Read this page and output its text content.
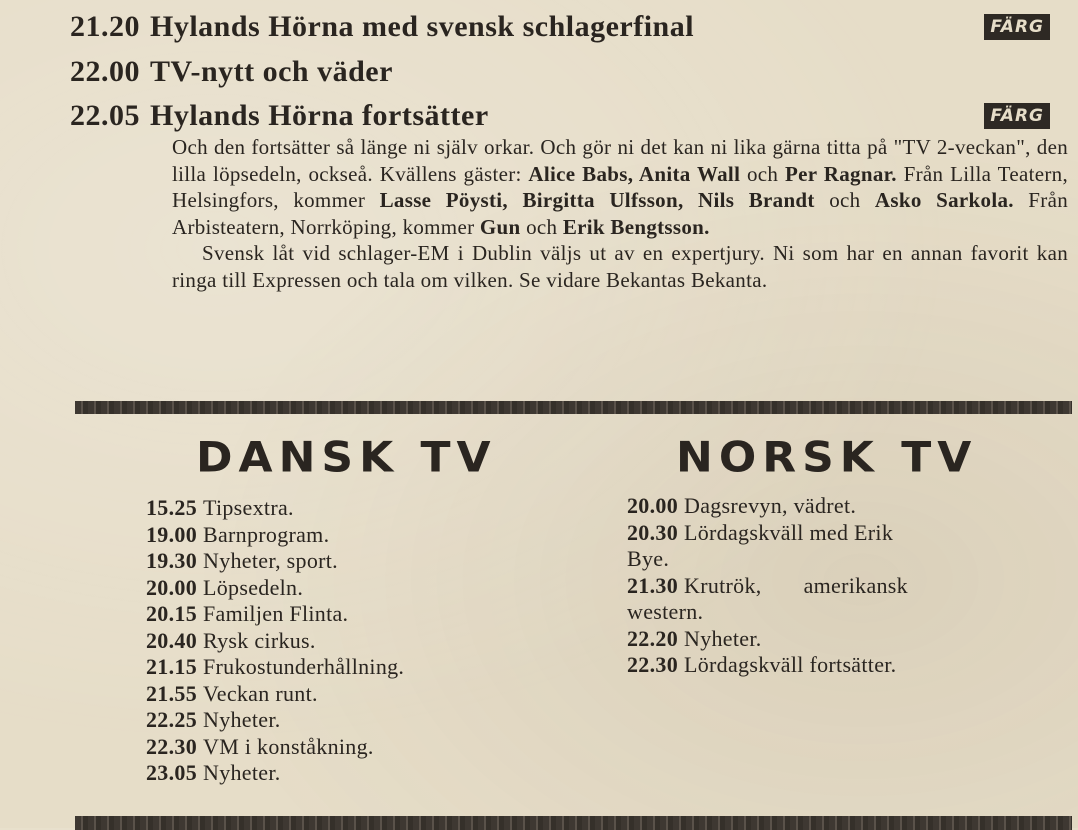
21.20 Hylands Hörna med svensk schlagerfinal	FÄRG
22.00 TV-nytt och väder
22.05 Hylands Hörna fortsätter	FÄRG

Och den fortsätter så länge ni själv orkar. Och gör ni det kan ni lika gärna titta på "TV 2-veckan", den lilla löpsedeln, ockseå. Kvällens gäster: Alice Babs, Anita Wall och Per Ragnar. Från Lilla Teatern, Helsingfors, kommer Lasse Pöysti, Birgitta Ulfsson, Nils Brandt och Asko Sarkola. Från Arbisteatern, Norrköping, kommer Gun och Erik Bengtsson.

Svensk låt vid schlager-EM i Dublin väljs ut av en expertjury. Ni som har en annan favorit kan ringa till Expressen och tala om vilken. Se vidare Bekantas Bekanta.

DANSK TV
15.25 Tipsextra.
19.00 Barnprogram.
19.30 Nyheter, sport.
20.00 Löpsedeln.
20.15 Familjen Flinta.
20.40 Rysk cirkus.
21.15 Frukostunderhållning.
21.55 Veckan runt.
22.25 Nyheter.
22.30 VM i konståkning.
23.05 Nyheter.
NORSK TV
20.00 Dagsrevyn, vädret.
20.30 Lördagskväll med Erik
Bye.
21.30 Krutrök, amerikansk
western.
22.20 Nyheter.
22.30 Lördagskväll fortsätter.
